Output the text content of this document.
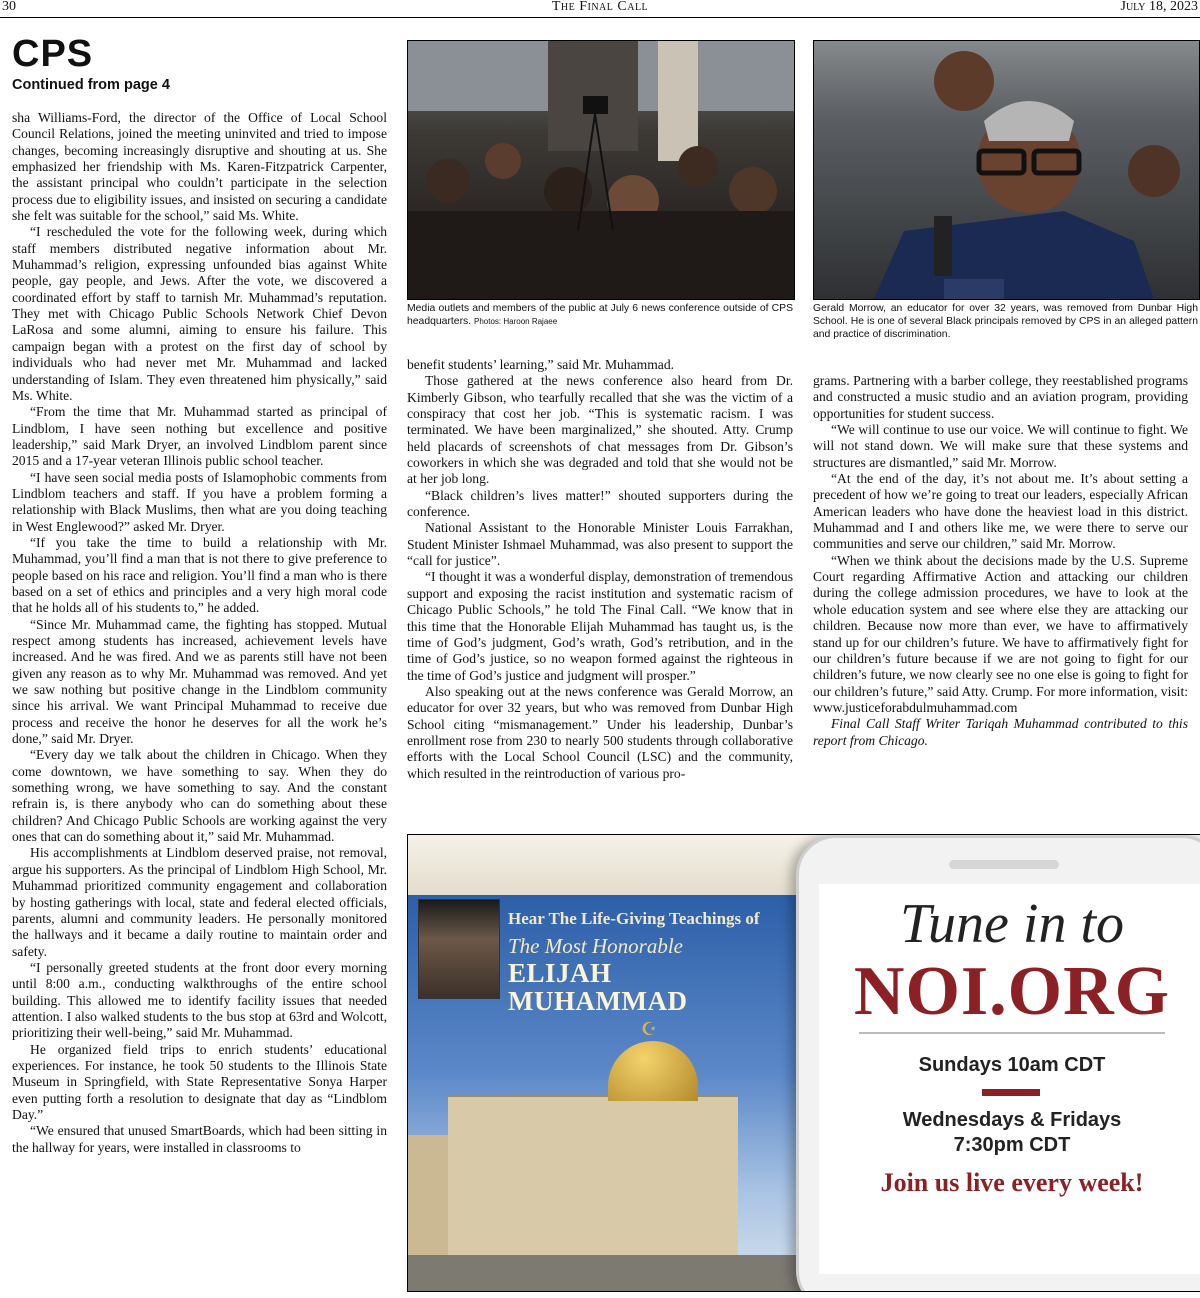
30	The Final Call	July 18, 2023
CPS
Continued from page 4

sha Williams-Ford, the director of the Office of Local School Council Relations, joined the meeting uninvited and tried to impose changes, becoming increasingly disruptive and shouting at us. She emphasized her friendship with Ms. Karen-Fitzpatrick Carpenter, the assistant principal who couldn’t participate in the selection process due to eligibility issues, and insisted on securing a candidate she felt was suitable for the school,” said Ms. White.

“I rescheduled the vote for the following week, during which staff members distributed negative information about Mr. Muhammad’s religion, expressing unfounded bias against White people, gay people, and Jews. After the vote, we discovered a coordinated effort by staff to tarnish Mr. Muhammad’s reputation. They met with Chicago Public Schools Network Chief Devon LaRosa and some alumni, aiming to ensure his failure. This campaign began with a protest on the first day of school by individuals who had never met Mr. Muhammad and lacked understanding of Islam. They even threatened him physically,” said Ms. White.

“From the time that Mr. Muhammad started as principal of Lindblom, I have seen nothing but excellence and positive leadership,” said Mark Dryer, an involved Lindblom parent since 2015 and a 17-year veteran Illinois public school teacher.

“I have seen social media posts of Islamophobic comments from Lindblom teachers and staff. If you have a problem forming a relationship with Black Muslims, then what are you doing teaching in West Englewood?” asked Mr. Dryer.

“If you take the time to build a relationship with Mr. Muhammad, you’ll find a man that is not there to give preference to people based on his race and religion. You’ll find a man who is there based on a set of ethics and principles and a very high moral code that he holds all of his students to,” he added.

“Since Mr. Muhammad came, the fighting has stopped. Mutual respect among students has increased, achievement levels have increased. And he was fired. And we as parents still have not been given any reason as to why Mr. Muhammad was removed. And yet we saw nothing but positive change in the Lindblom community since his arrival. We want Principal Muhammad to receive due process and receive the honor he deserves for all the work he’s done,” said Mr. Dryer.

“Every day we talk about the children in Chicago. When they come downtown, we have something to say. When they do something wrong, we have something to say. And the constant refrain is, is there anybody who can do something about these children? And Chicago Public Schools are working against the very ones that can do something about it,” said Mr. Muhammad.

His accomplishments at Lindblom deserved praise, not removal, argue his supporters. As the principal of Lindblom High School, Mr. Muhammad prioritized community engagement and collaboration by hosting gatherings with local, state and federal elected officials, parents, alumni and community leaders. He personally monitored the hallways and it became a daily routine to maintain order and safety.

“I personally greeted students at the front door every morning until 8:00 a.m., conducting walkthroughs of the entire school building. This allowed me to identify facility issues that needed attention. I also walked students to the bus stop at 63rd and Wolcott, prioritizing their well-being,” said Mr. Muhammad.

He organized field trips to enrich students’ educational experiences. For instance, he took 50 students to the Illinois State Museum in Springfield, with State Representative Sonya Harper even putting forth a resolution to designate that day as “Lindblom Day.”

“We ensured that unused SmartBoards, which had been sitting in the hallway for years, were installed in classrooms to

Media outlets and members of the public at July 6 news conference outside of CPS headquarters. Photos: Haroon Rajaee
Gerald Morrow, an educator for over 32 years, was removed from Dunbar High School. He is one of several Black principals removed by CPS in an alleged pattern and practice of discrimination.

benefit students’ learning,” said Mr. Muhammad.

Those gathered at the news conference also heard from Dr. Kimberly Gibson, who tearfully recalled that she was the victim of a conspiracy that cost her job. “This is systematic racism. I was terminated. We have been marginalized,” she shouted. Atty. Crump held placards of screenshots of chat messages from Dr. Gibson’s coworkers in which she was degraded and told that she would not be at her job long.

“Black children’s lives matter!” shouted supporters during the conference.

National Assistant to the Honorable Minister Louis Farrakhan, Student Minister Ishmael Muhammad, was also present to support the “call for justice”.

“I thought it was a wonderful display, demonstration of tremendous support and exposing the racist institution and systematic racism of Chicago Public Schools,” he told The Final Call. “We know that in this time that the Honorable Elijah Muhammad has taught us, is the time of God’s judgment, God’s wrath, God’s retribution, and in the time of God’s justice, so no weapon formed against the righteous in the time of God’s justice and judgment will prosper.”

Also speaking out at the news conference was Gerald Morrow, an educator for over 32 years, but who was removed from Dunbar High School citing “mismanagement.” Under his leadership, Dunbar’s enrollment rose from 230 to nearly 500 students through collaborative efforts with the Local School Council (LSC) and the community, which resulted in the reintroduction of various pro-

grams. Partnering with a barber college, they reestablished programs and constructed a music studio and an aviation program, providing opportunities for student success.

“We will continue to use our voice. We will continue to fight. We will not stand down. We will make sure that these systems and structures are dismantled,” said Mr. Morrow.

“At the end of the day, it’s not about me. It’s about setting a precedent of how we’re going to treat our leaders, especially African American leaders who have done the heaviest load in this district. Muhammad and I and others like me, we were there to serve our communities and serve our children,” said Mr. Morrow.

“When we think about the decisions made by the U.S. Supreme Court regarding Affirmative Action and attacking our children during the college admission procedures, we have to look at the whole education system and see where else they are attacking our children. Because now more than ever, we have to affirmatively stand up for our children’s future. We have to affirmatively fight for our children’s future because if we are not going to fight for our children’s future, we now clearly see no one else is going to fight for our children’s future,” said Atty. Crump. For more information, visit: www.justiceforabdulmuhammad.com

Final Call Staff Writer Tariqah Muhammad contributed to this report from Chicago.

☪
Hear The Life-Giving Teachings of
The Most Honorable
ELIJAH
MUHAMMAD
Tune in to
NOI.ORG
Sundays 10am CDT
Wednesdays & Fridays
7:30pm CDT
Join us live every week!
